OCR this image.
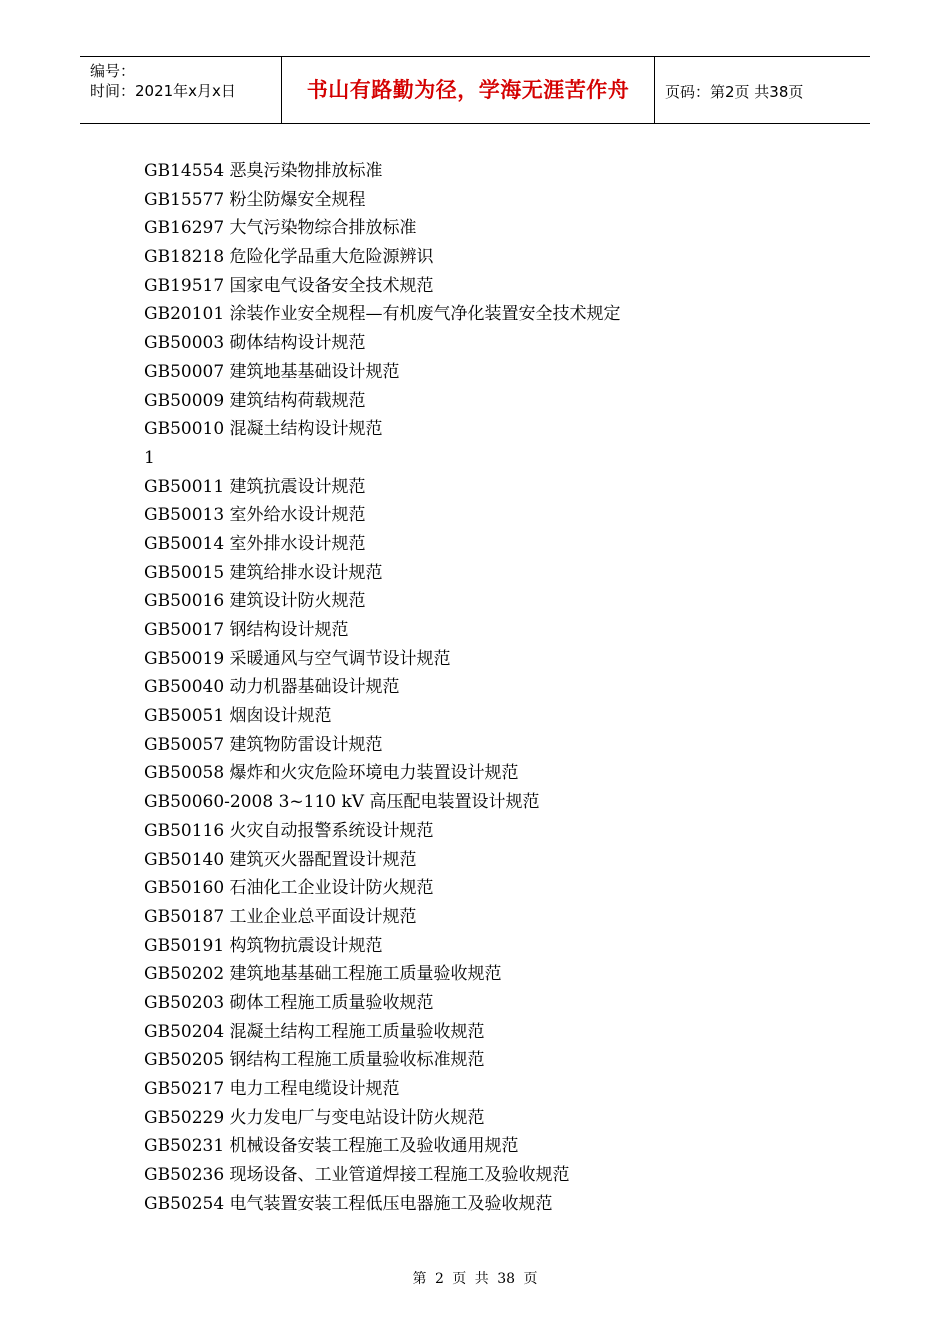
编号：
时间：2021年x月x日	书山有路勤为径，学海无涯苦作舟	页码：第2页 共38页
GB14554 恶臭污染物排放标准
GB15577 粉尘防爆安全规程
GB16297 大气污染物综合排放标准
GB18218 危险化学品重大危险源辨识
GB19517 国家电气设备安全技术规范
GB20101 涂装作业安全规程—有机废气净化装置安全技术规定
GB50003 砌体结构设计规范
GB50007 建筑地基基础设计规范
GB50009 建筑结构荷载规范
GB50010 混凝土结构设计规范
1
GB50011 建筑抗震设计规范
GB50013 室外给水设计规范
GB50014 室外排水设计规范
GB50015 建筑给排水设计规范
GB50016 建筑设计防火规范
GB50017 钢结构设计规范
GB50019 采暖通风与空气调节设计规范
GB50040 动力机器基础设计规范
GB50051 烟囱设计规范
GB50057 建筑物防雷设计规范
GB50058 爆炸和火灾危险环境电力装置设计规范
GB50060-2008 3~110 kV 高压配电装置设计规范
GB50116 火灾自动报警系统设计规范
GB50140 建筑灭火器配置设计规范
GB50160 石油化工企业设计防火规范
GB50187 工业企业总平面设计规范
GB50191 构筑物抗震设计规范
GB50202 建筑地基基础工程施工质量验收规范
GB50203 砌体工程施工质量验收规范
GB50204 混凝土结构工程施工质量验收规范
GB50205 钢结构工程施工质量验收标准规范
GB50217 电力工程电缆设计规范
GB50229 火力发电厂与变电站设计防火规范
GB50231 机械设备安装工程施工及验收通用规范
GB50236 现场设备、工业管道焊接工程施工及验收规范
GB50254 电气装置安装工程低压电器施工及验收规范
第 2 页 共 38 页
